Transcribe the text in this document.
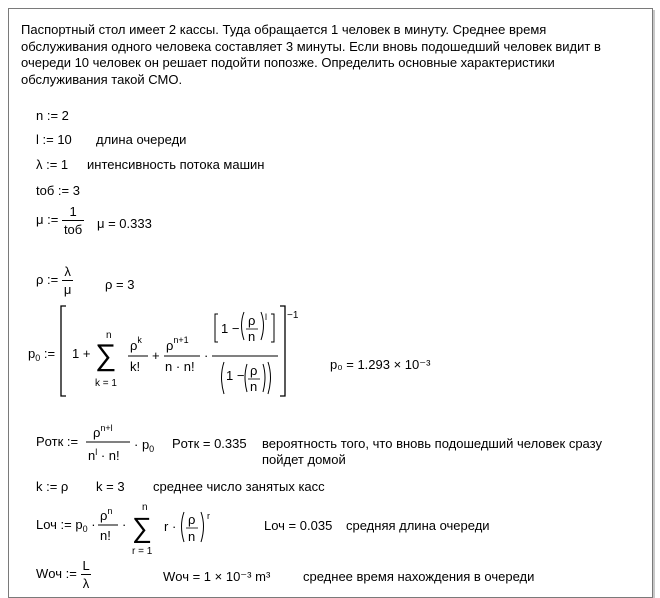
Паспортный стол имеет 2 кассы. Туда обращается 1 человек в минуту. Среднее время обслуживания одного человека составляет 3 минуты. Если вновь подошедший человек видит в очереди 10 человек он решает подойти попозже. Определить основные характеристики обслуживания такой СМО.
n := 2
l := 10 длина очереди
λ := 1 интенсивность потока машин
tоб := 3
μ := $\frac{1}{\text{tоб}}$ μ = 0.333
ρ := $\frac{\lambda}{\mu}$ ρ = 3
$p_0$ :=
−1
1 + ∑
n
k = 1
$\rho^k$
k!
+
$\rho^{n+1}$
n · n!
·
1 −
ρ
n
l
1 − ρ
n
p₀ = 1.293 × 10⁻³
Pотк :=
$\rho^{n+l}$
$n^l \cdot n$!
· $p_0$ Pотк = 0.335 вероятность того, что вновь подошедший человек сразу
пойдет домой
k := ρ k = 3 среднее число занятых касс
Lоч := $p_0$ ·
$\rho^n$
n!
· ∑
n
r = 1
r · ρ
n
r
Lоч = 0.035 средняя длина очереди
Wоч := $\frac{L}{\lambda}$	Wоч = 1 × 10⁻³ m³	среднее время нахождения в очереди
